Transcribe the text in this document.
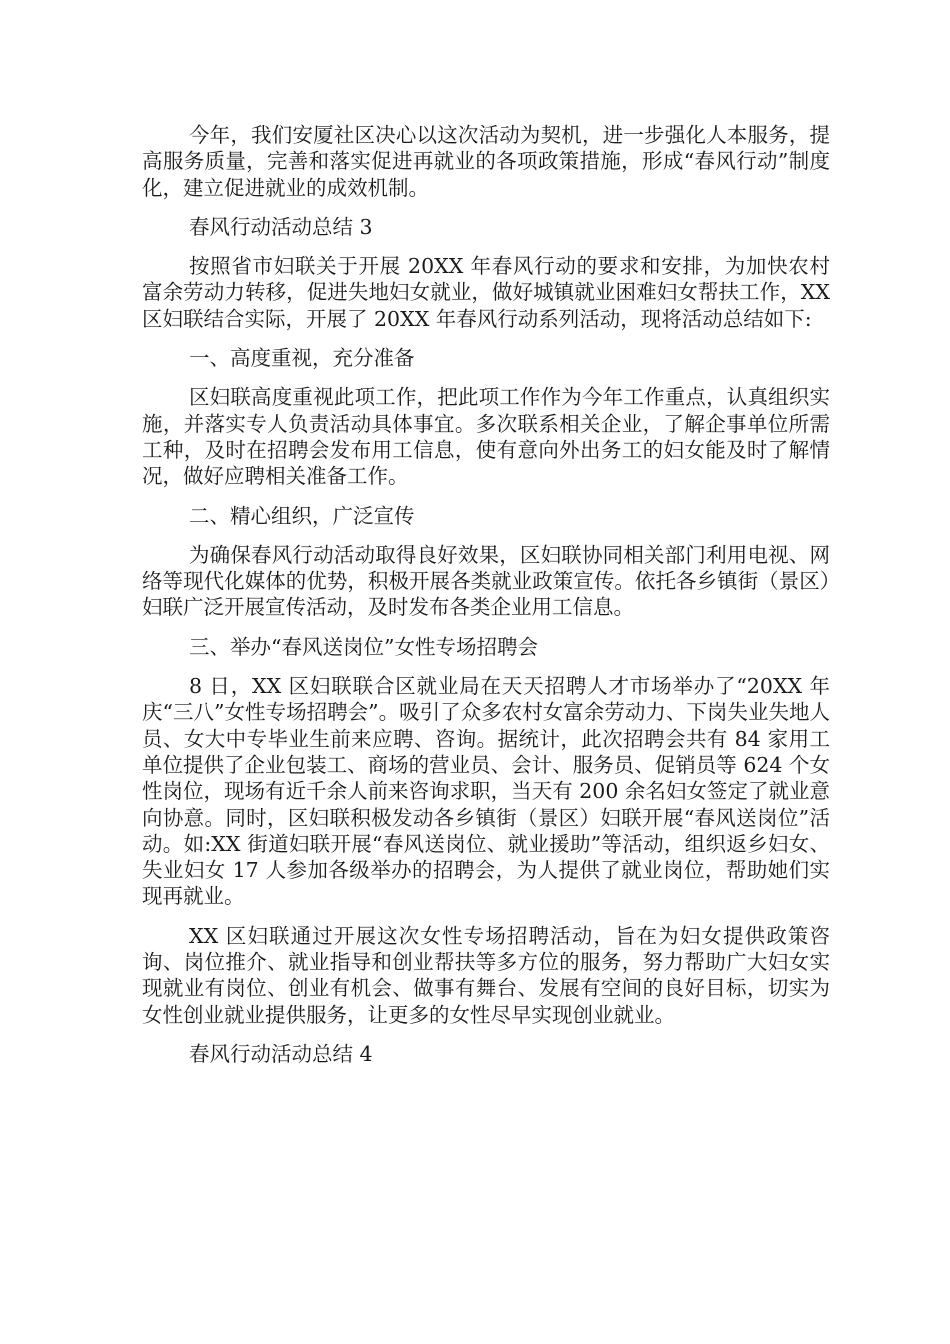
今年，我们安厦社区决心以这次活动为契机，进一步强化人本服务，提高服务质量，完善和落实促进再就业的各项政策措施，形成“春风行动”制度化，建立促进就业的成效机制。

春风行动活动总结 3

按照省市妇联关于开展 20XX 年春风行动的要求和安排，为加快农村富余劳动力转移，促进失地妇女就业，做好城镇就业困难妇女帮扶工作，XX 区妇联结合实际，开展了 20XX 年春风行动系列活动，现将活动总结如下:

一、高度重视，充分准备

区妇联高度重视此项工作，把此项工作作为今年工作重点，认真组织实施，并落实专人负责活动具体事宜。多次联系相关企业，了解企事单位所需工种，及时在招聘会发布用工信息，使有意向外出务工的妇女能及时了解情况，做好应聘相关准备工作。

二、精心组织，广泛宣传

为确保春风行动活动取得良好效果，区妇联协同相关部门利用电视、网络等现代化媒体的优势，积极开展各类就业政策宣传。依托各乡镇街（景区）妇联广泛开展宣传活动，及时发布各类企业用工信息。

三、举办“春风送岗位”女性专场招聘会

8 日，XX 区妇联联合区就业局在天天招聘人才市场举办了“20XX 年庆“三八”女性专场招聘会”。吸引了众多农村女富余劳动力、下岗失业失地人员、女大中专毕业生前来应聘、咨询。据统计，此次招聘会共有 84 家用工单位提供了企业包装工、商场的营业员、会计、服务员、促销员等 624 个女性岗位，现场有近千余人前来咨询求职，当天有 200 余名妇女签定了就业意向协意。同时，区妇联积极发动各乡镇街（景区）妇联开展“春风送岗位”活动。如:XX 街道妇联开展“春风送岗位、就业援助”等活动，组织返乡妇女、失业妇女 17 人参加各级举办的招聘会，为人提供了就业岗位，帮助她们实现再就业。

XX 区妇联通过开展这次女性专场招聘活动，旨在为妇女提供政策咨询、岗位推介、就业指导和创业帮扶等多方位的服务，努力帮助广大妇女实现就业有岗位、创业有机会、做事有舞台、发展有空间的良好目标，切实为女性创业就业提供服务，让更多的女性尽早实现创业就业。

春风行动活动总结 4
